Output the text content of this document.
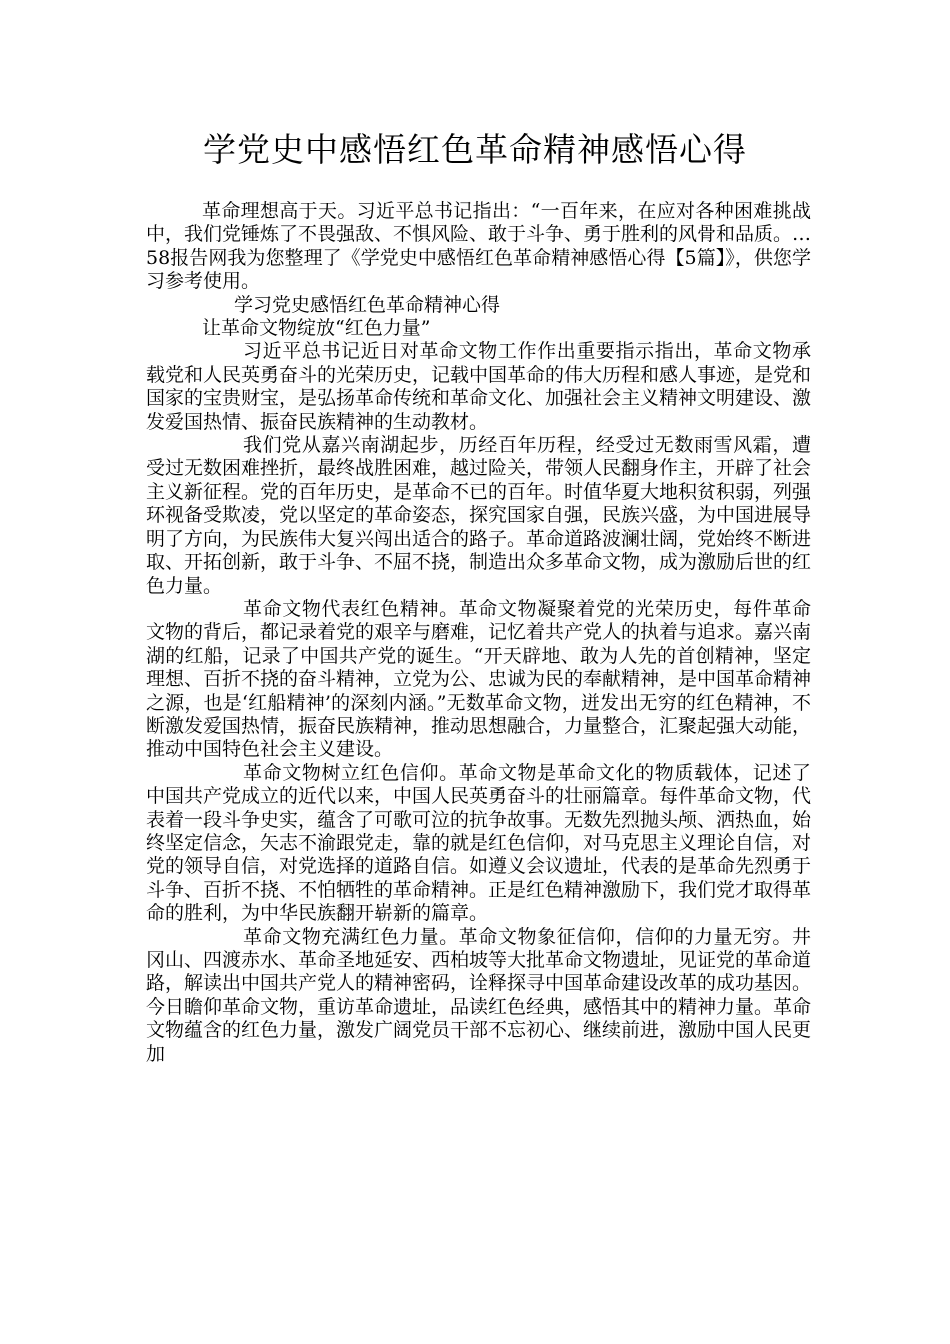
学党史中感悟红色革命精神感悟心得

革命理想高于天。习近平总书记指出：“一百年来，在应对各种困难挑战中，我们党锤炼了不畏强敌、不惧风险、敢于斗争、勇于胜利的风骨和品质。…58报告网我为您整理了《学党史中感悟红色革命精神感悟心得【5篇】》，供您学习参考使用。

学习党史感悟红色革命精神心得

让革命文物绽放“红色力量”

习近平总书记近日对革命文物工作作出重要指示指出，革命文物承载党和人民英勇奋斗的光荣历史，记载中国革命的伟大历程和感人事迹，是党和国家的宝贵财宝，是弘扬革命传统和革命文化、加强社会主义精神文明建设、激发爱国热情、振奋民族精神的生动教材。

我们党从嘉兴南湖起步，历经百年历程，经受过无数雨雪风霜，遭受过无数困难挫折，最终战胜困难，越过险关，带领人民翻身作主，开辟了社会主义新征程。党的百年历史，是革命不已的百年。时值华夏大地积贫积弱，列强环视备受欺凌，党以坚定的革命姿态，探究国家自强，民族兴盛，为中国进展导明了方向，为民族伟大复兴闯出适合的路子。革命道路波澜壮阔，党始终不断进取、开拓创新，敢于斗争、不屈不挠，制造出众多革命文物，成为激励后世的红色力量。

革命文物代表红色精神。革命文物凝聚着党的光荣历史，每件革命文物的背后，都记录着党的艰辛与磨难，记忆着共产党人的执着与追求。嘉兴南湖的红船，记录了中国共产党的诞生。“开天辟地、敢为人先的首创精神，坚定理想、百折不挠的奋斗精神，立党为公、忠诚为民的奉献精神，是中国革命精神之源，也是‘红船精神’的深刻内涵。”无数革命文物，迸发出无穷的红色精神，不断激发爱国热情，振奋民族精神，推动思想融合，力量整合，汇聚起强大动能，推动中国特色社会主义建设。

革命文物树立红色信仰。革命文物是革命文化的物质载体，记述了中国共产党成立的近代以来，中国人民英勇奋斗的壮丽篇章。每件革命文物，代表着一段斗争史实，蕴含了可歌可泣的抗争故事。无数先烈抛头颅、洒热血，始终坚定信念，矢志不渝跟党走，靠的就是红色信仰，对马克思主义理论自信，对党的领导自信，对党选择的道路自信。如遵义会议遗址，代表的是革命先烈勇于斗争、百折不挠、不怕牺牲的革命精神。正是红色精神激励下，我们党才取得革命的胜利，为中华民族翻开崭新的篇章。

革命文物充满红色力量。革命文物象征信仰，信仰的力量无穷。井冈山、四渡赤水、革命圣地延安、西柏坡等大批革命文物遗址，见证党的革命道路，解读出中国共产党人的精神密码，诠释探寻中国革命建设改革的成功基因。今日瞻仰革命文物，重访革命遗址，品读红色经典，感悟其中的精神力量。革命文物蕴含的红色力量，激发广阔党员干部不忘初心、继续前进，激励中国人民更加
